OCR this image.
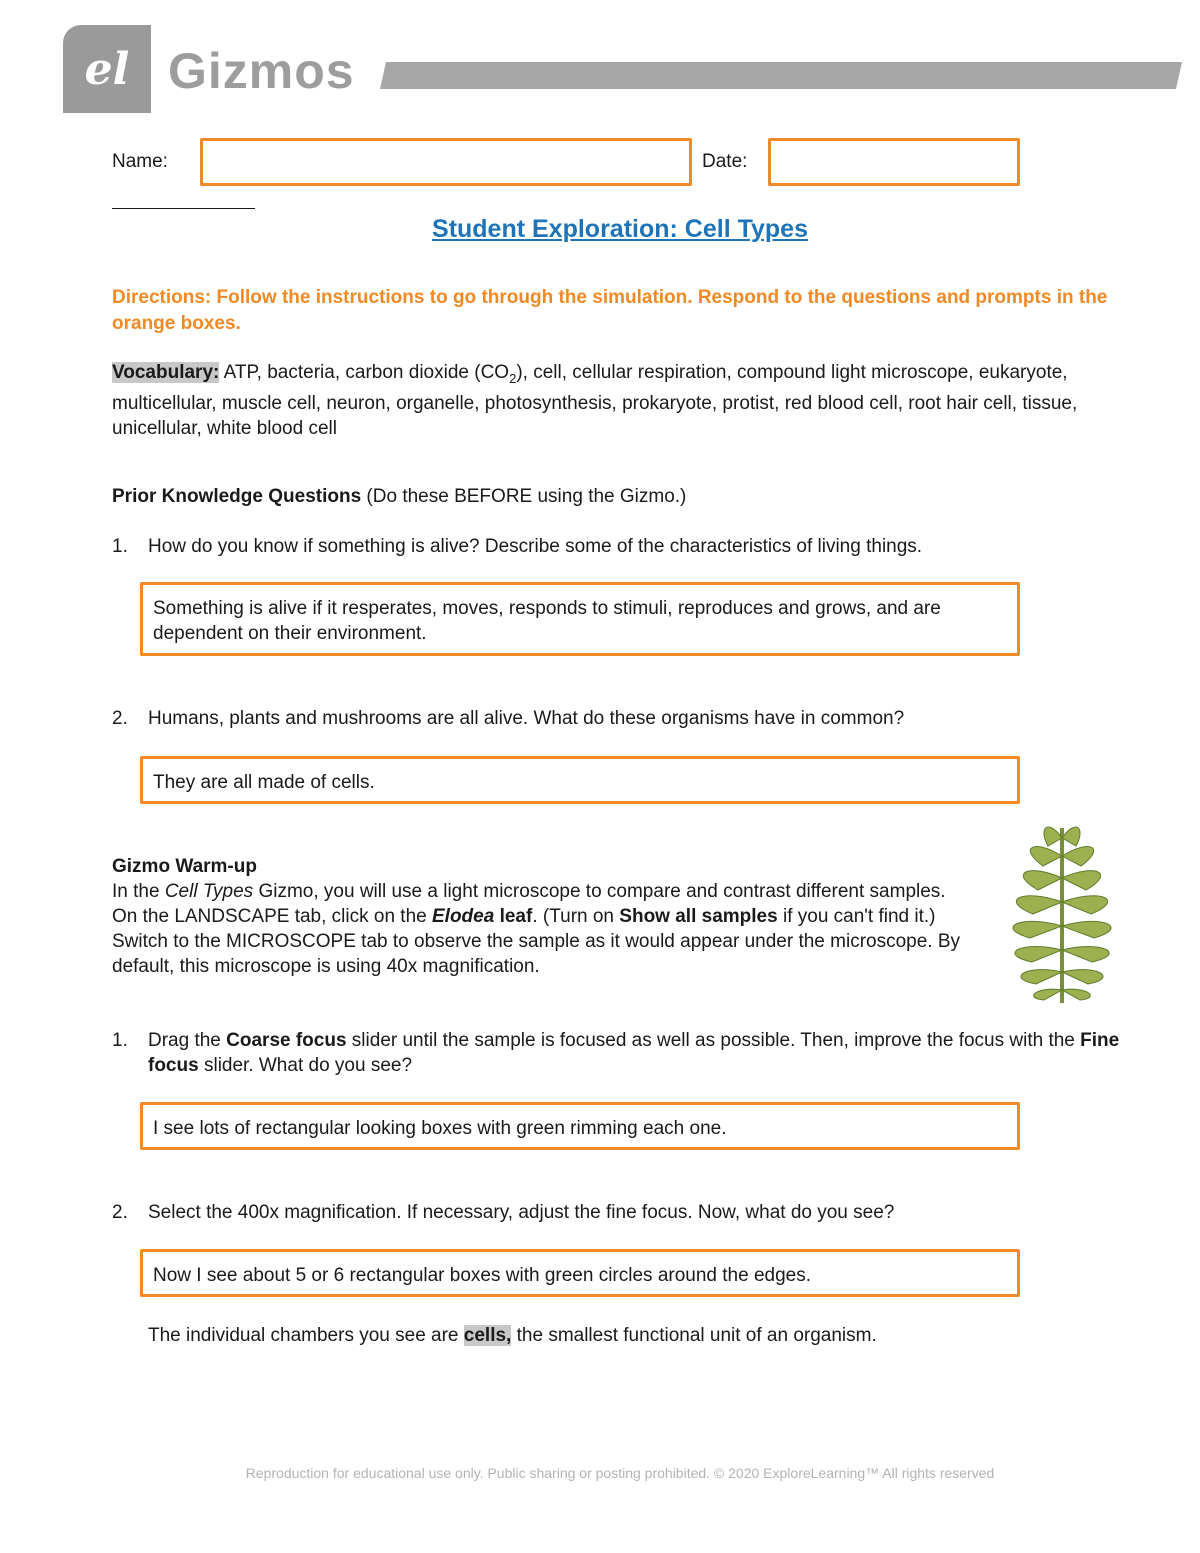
el Gizmos
Name:	Date:
Student Exploration: Cell Types
Directions: Follow the instructions to go through the simulation. Respond to the questions and prompts in the orange boxes.
Vocabulary: ATP, bacteria, carbon dioxide $(CO_2)$, cell, cellular respiration, compound light microscope, eukaryote, multicellular, muscle cell, neuron, organelle, photosynthesis, prokaryote, protist, red blood cell, root hair cell, tissue, unicellular, white blood cell
Prior Knowledge Questions (Do these BEFORE using the Gizmo.)
1. How do you know if something is alive? Describe some of the characteristics of living things.
Something is alive if it resperates, moves, responds to stimuli, reproduces and grows, and are dependent on their environment.
2. Humans, plants and mushrooms are all alive. What do these organisms have in common?
They are all made of cells.
Gizmo Warm-up
In the Cell Types Gizmo, you will use a light microscope to compare and contrast different samples. On the LANDSCAPE tab, click on the Elodea leaf. (Turn on Show all samples if you can't find it.) Switch to the MICROSCOPE tab to observe the sample as it would appear under the microscope. By default, this microscope is using 40x magnification.
1. Drag the Coarse focus slider until the sample is focused as well as possible. Then, improve the focus with the Fine focus slider. What do you see?
I see lots of rectangular looking boxes with green rimming each one.
2. Select the 400x magnification. If necessary, adjust the fine focus. Now, what do you see?
Now I see about 5 or 6 rectangular boxes with green circles around the edges.
The individual chambers you see are cells, the smallest functional unit of an organism.
Reproduction for educational use only. Public sharing or posting prohibited. © 2020 ExploreLearning™ All rights reserved
